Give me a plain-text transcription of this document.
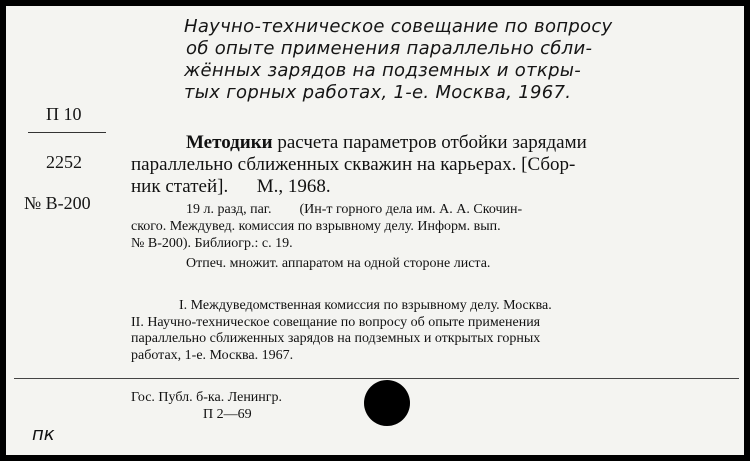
Научно-техническое совещание по вопросу
об опыте применения параллельно сбли-
жённых зарядов на подземных и откры-
тых горных работах, 1-е. Москва, 1967.
П 10
2252
№ В-200
Методики расчета параметров отбойки зарядами
параллельно сближенных скважин на карьерах. [Сбор-
ник статей].      М., 1968.
19 л. разд, паг.        (Ин-т горного дела им. А. А. Скочин-
ского. Междувед. комиссия по взрывному делу. Информ. вып.
№ В-200). Библиогр.: с. 19.
Отпеч. множит. аппаратом на одной стороне листа.
I. Междуведомственная комиссия по взрывному делу. Москва.
II. Научно-техническое совещание по вопросу об опыте применения
параллельно сближенных зарядов на подземных и открытых горных
работах, 1-е. Москва. 1967.
Гос. Публ. б-ка. Ленингр.
П 2—69
пк
